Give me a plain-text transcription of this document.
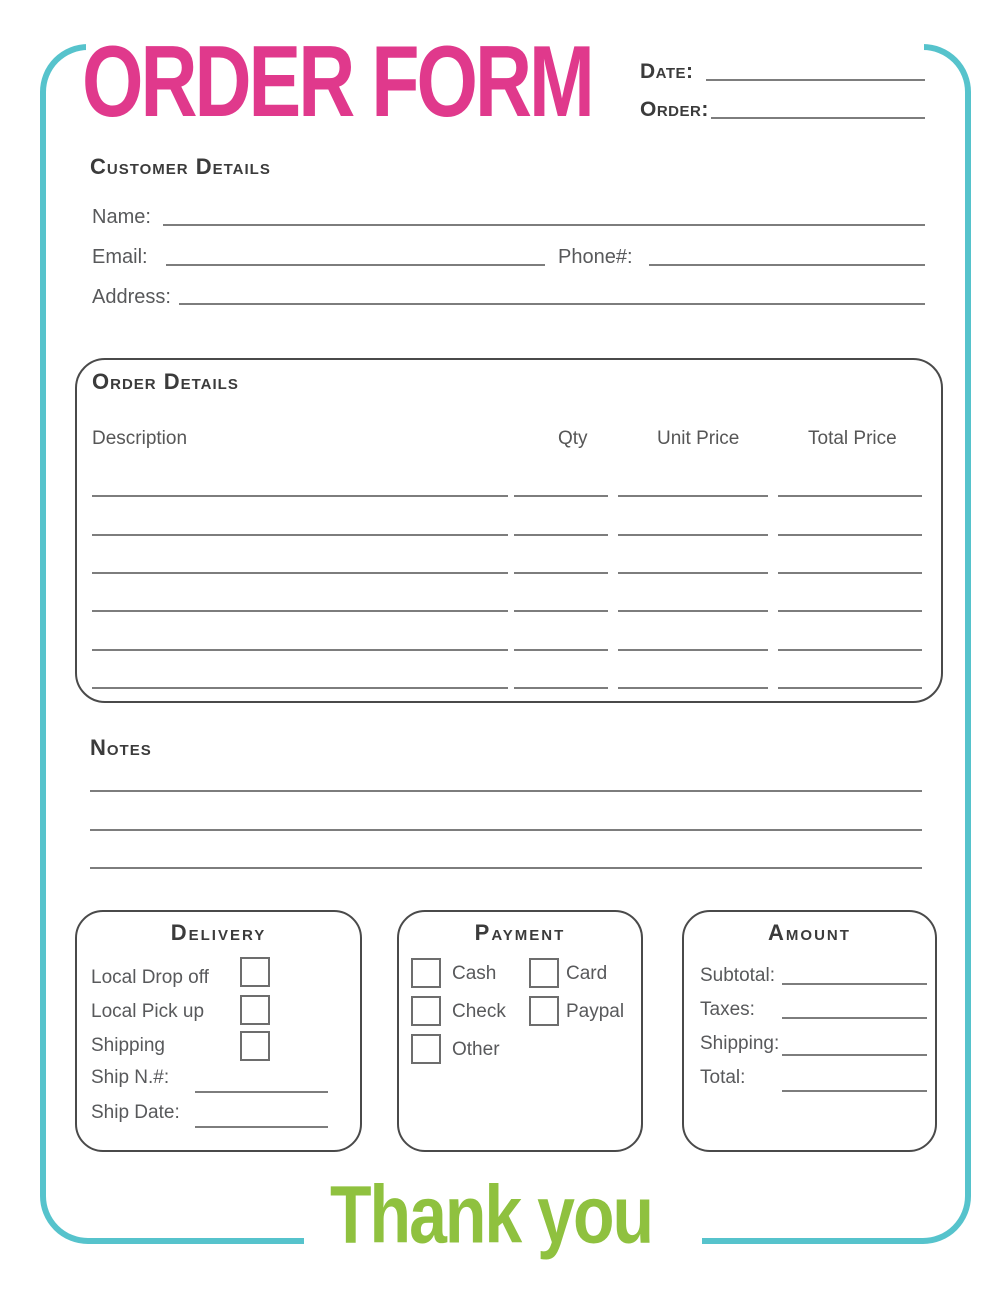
ORDER FORM Date:
Order:
Customer Details
Name:
Email:	Phone#:
Address:
Order Details
Description	Qty	Unit Price	Total Price
Notes
Delivery
Local Drop off
Local Pick up
Shipping
Ship N.#:
Ship Date:
Payment
Cash	Card
Check	Paypal
Other
Amount
Subtotal:
Taxes:
Shipping:
Total:
Thank you
